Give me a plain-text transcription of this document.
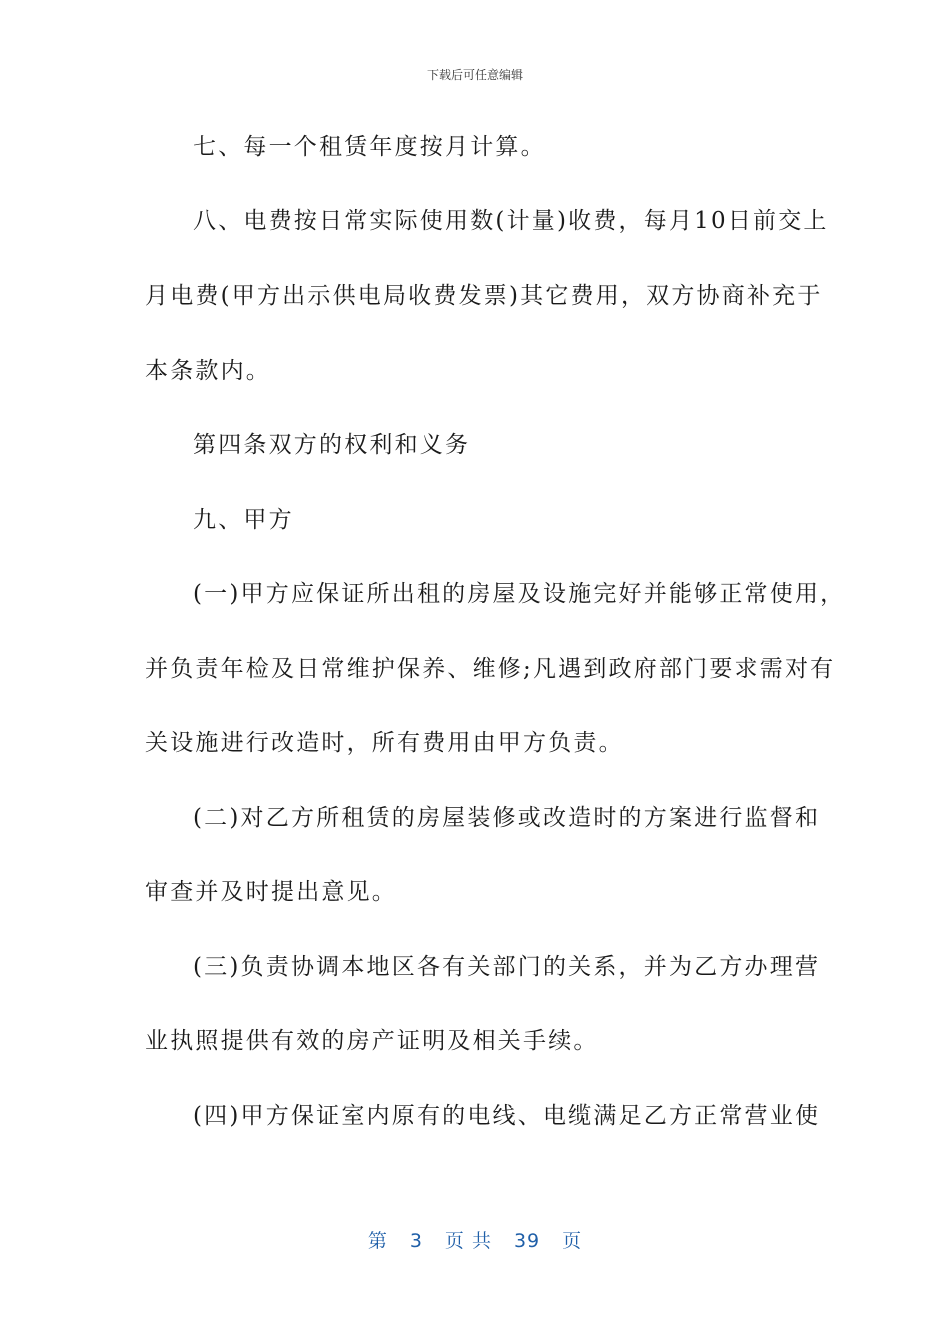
下载后可任意编辑
七、每一个租赁年度按月计算。
八、电费按日常实际使用数(计量)收费，每月10日前交上
月电费(甲方出示供电局收费发票)其它费用，双方协商补充于
本条款内。
第四条双方的权利和义务
九、甲方
(一)甲方应保证所出租的房屋及设施完好并能够正常使用，
并负责年检及日常维护保养、维修;凡遇到政府部门要求需对有
关设施进行改造时，所有费用由甲方负责。
(二)对乙方所租赁的房屋装修或改造时的方案进行监督和
审查并及时提出意见。
(三)负责协调本地区各有关部门的关系，并为乙方办理营
业执照提供有效的房产证明及相关手续。
(四)甲方保证室内原有的电线、电缆满足乙方正常营业使
第 3 页 共 39 页
